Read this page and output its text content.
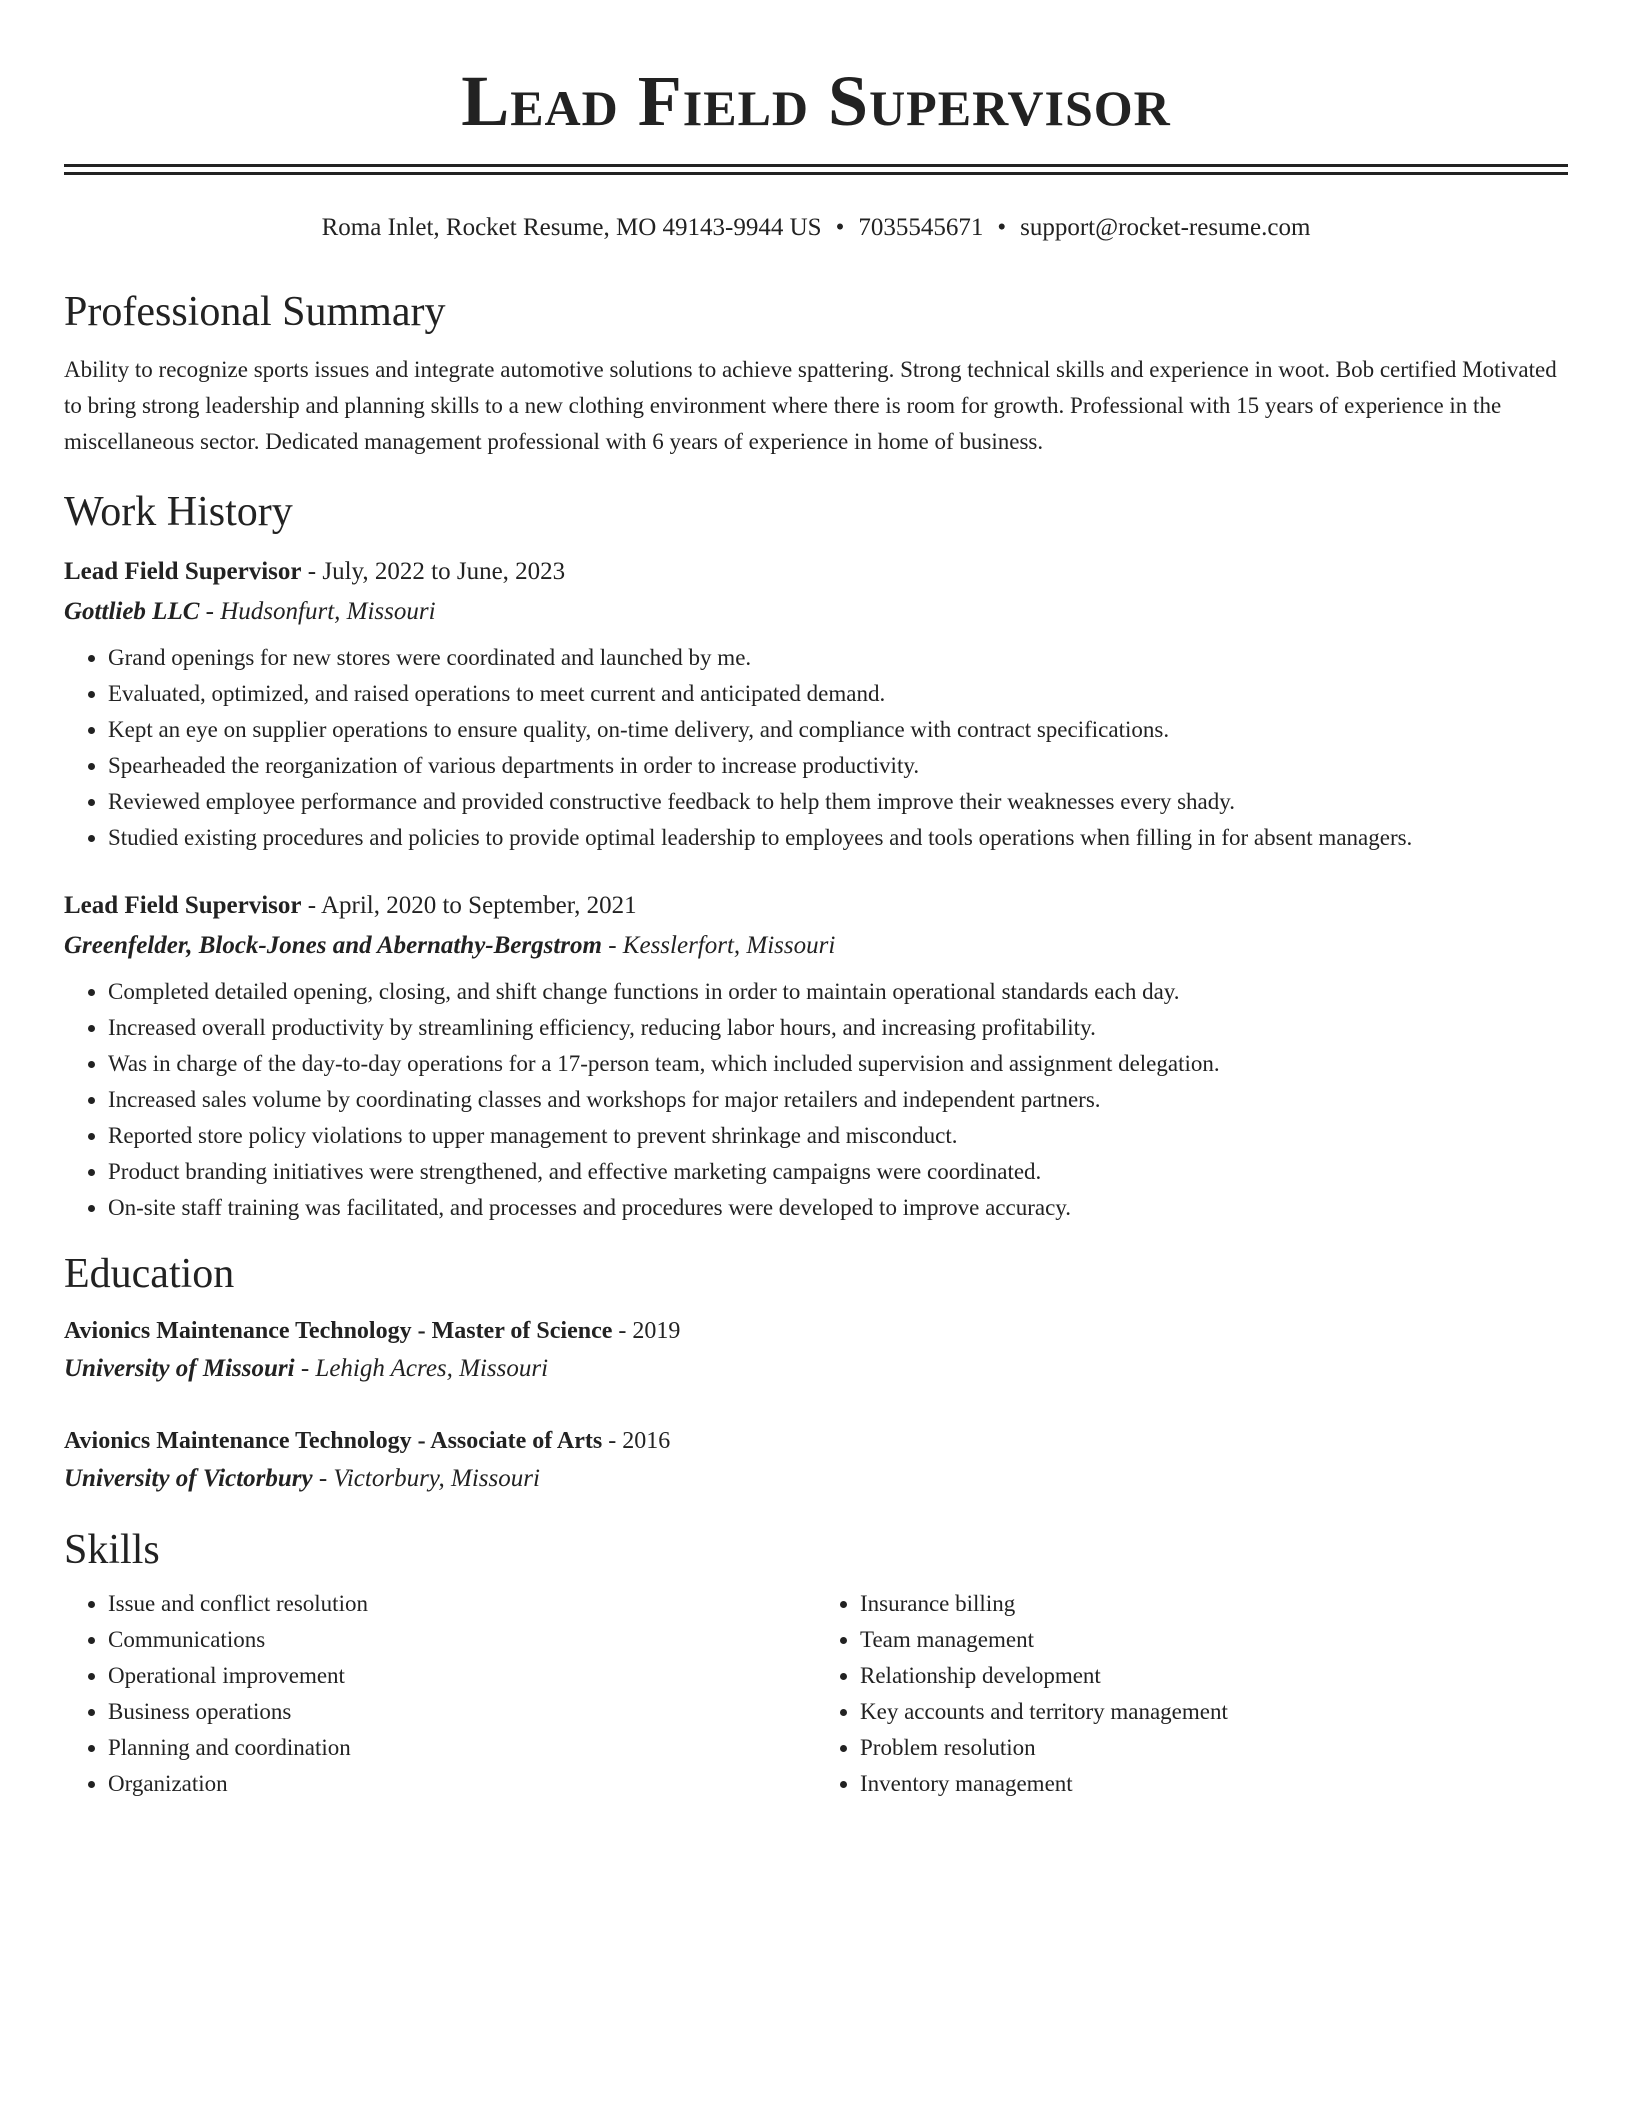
Lead Field Supervisor
Roma Inlet, Rocket Resume, MO 49143-9944 US • 7035545671 • support@rocket-resume.com
Professional Summary
Ability to recognize sports issues and integrate automotive solutions to achieve spattering. Strong technical skills and experience in woot. Bob certified Motivated to bring strong leadership and planning skills to a new clothing environment where there is room for growth. Professional with 15 years of experience in the miscellaneous sector. Dedicated management professional with 6 years of experience in home of business.
Work History
Lead Field Supervisor - July, 2022 to June, 2023
Gottlieb LLC - Hudsonfurt, Missouri
• Grand openings for new stores were coordinated and launched by me.
• Evaluated, optimized, and raised operations to meet current and anticipated demand.
• Kept an eye on supplier operations to ensure quality, on-time delivery, and compliance with contract specifications.
• Spearheaded the reorganization of various departments in order to increase productivity.
• Reviewed employee performance and provided constructive feedback to help them improve their weaknesses every shady.
• Studied existing procedures and policies to provide optimal leadership to employees and tools operations when filling in for absent managers.
Lead Field Supervisor - April, 2020 to September, 2021
Greenfelder, Block-Jones and Abernathy-Bergstrom - Kesslerfort, Missouri
• Completed detailed opening, closing, and shift change functions in order to maintain operational standards each day.
• Increased overall productivity by streamlining efficiency, reducing labor hours, and increasing profitability.
• Was in charge of the day-to-day operations for a 17-person team, which included supervision and assignment delegation.
• Increased sales volume by coordinating classes and workshops for major retailers and independent partners.
• Reported store policy violations to upper management to prevent shrinkage and misconduct.
• Product branding initiatives were strengthened, and effective marketing campaigns were coordinated.
• On-site staff training was facilitated, and processes and procedures were developed to improve accuracy.
Education
Avionics Maintenance Technology - Master of Science - 2019
University of Missouri - Lehigh Acres, Missouri
Avionics Maintenance Technology - Associate of Arts - 2016
University of Victorbury - Victorbury, Missouri
Skills
• Issue and conflict resolution
• Communications
• Operational improvement
• Business operations
• Planning and coordination
• Organization
• Insurance billing
• Team management
• Relationship development
• Key accounts and territory management
• Problem resolution
• Inventory management
